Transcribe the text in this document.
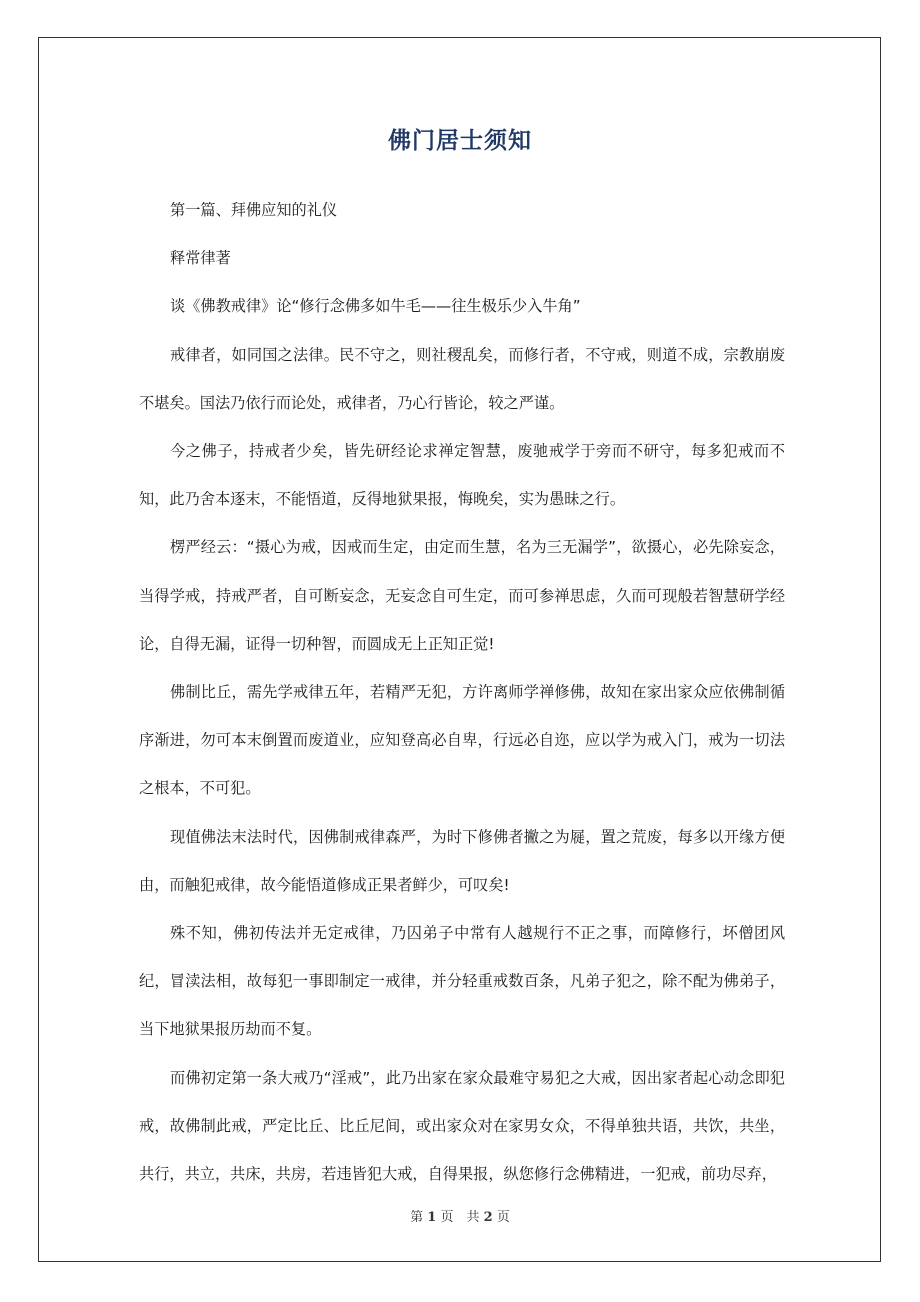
佛门居士须知

第一篇、拜佛应知的礼仪

释常律著

谈《佛教戒律》论“修行念佛多如牛毛——往生极乐少入牛角”

戒律者，如同国之法律。民不守之，则社稷乱矣，而修行者，不守戒，则道不成，宗教崩废不堪矣。国法乃依行而论处，戒律者，乃心行皆论，较之严谨。

今之佛子，持戒者少矣，皆先研经论求禅定智慧，废驰戒学于旁而不研守，每多犯戒而不知，此乃舍本逐末，不能悟道，反得地狱果报，悔晚矣，实为愚昧之行。

楞严经云：“摄心为戒，因戒而生定，由定而生慧，名为三无漏学”，欲摄心，必先除妄念，当得学戒，持戒严者，自可断妄念，无妄念自可生定，而可参禅思虑，久而可现般若智慧研学经论，自得无漏，证得一切种智，而圆成无上正知正觉!

佛制比丘，需先学戒律五年，若精严无犯，方许离师学禅修佛，故知在家出家众应依佛制循序渐进，勿可本末倒置而废道业，应知登高必自卑，行远必自迩，应以学为戒入门，戒为一切法之根本，不可犯。

现值佛法末法时代，因佛制戒律森严，为时下修佛者撇之为屣，置之荒废，每多以开缘方便由，而触犯戒律，故今能悟道修成正果者鲜少，可叹矣!

殊不知，佛初传法并无定戒律，乃囚弟子中常有人越规行不正之事，而障修行，坏僧团风纪，冒渎法相，故每犯一事即制定一戒律，并分轻重戒数百条，凡弟子犯之，除不配为佛弟子，当下地狱果报历劫而不复。

而佛初定第一条大戒乃“淫戒”，此乃出家在家众最难守易犯之大戒，因出家者起心动念即犯戒，故佛制此戒，严定比丘、比丘尼间，或出家众对在家男女众，不得单独共语，共饮，共坐，共行，共立，共床，共房，若违皆犯大戒，自得果报，纵您修行念佛精进，一犯戒，前功尽弃，

第 1 页　共 2 页
